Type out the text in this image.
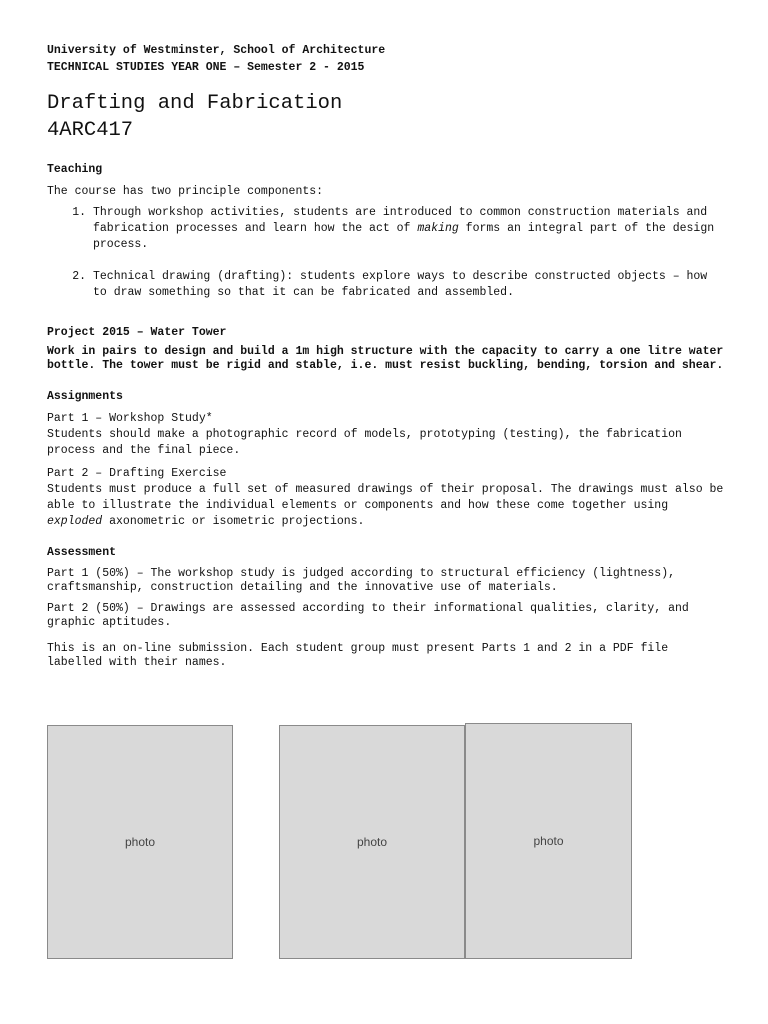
University of Westminster, School of Architecture

TECHNICAL STUDIES YEAR ONE – Semester 2 - 2015

Drafting and Fabrication
4ARC417

Teaching

The course has two principle components:

1. Through workshop activities, students are introduced to common construction materials and fabrication processes and learn how the act of making forms an integral part of the design process.
2. Technical drawing (drafting): students explore ways to describe constructed objects – how to draw something so that it can be fabricated and assembled.

Project 2015 – Water Tower

Work in pairs to design and build a 1m high structure with the capacity to carry a one litre water bottle. The tower must be rigid and stable, i.e. must resist buckling, bending, torsion and shear.

Assignments

Part 1 – Workshop Study*

Students should make a photographic record of models, prototyping (testing), the fabrication process and the final piece.

Part 2 – Drafting Exercise

Students must produce a full set of measured drawings of their proposal. The drawings must also be able to illustrate the individual elements or components and how these come together using exploded axonometric or isometric projections.

Assessment

Part 1 (50%) – The workshop study is judged according to structural efficiency (lightness), craftsmanship, construction detailing and the innovative use of materials.

Part 2 (50%) – Drawings are assessed according to their informational qualities, clarity, and graphic aptitudes.

This is an on-line submission. Each student group must present Parts 1 and 2 in a PDF file labelled with their names.

photo	photo	photo
